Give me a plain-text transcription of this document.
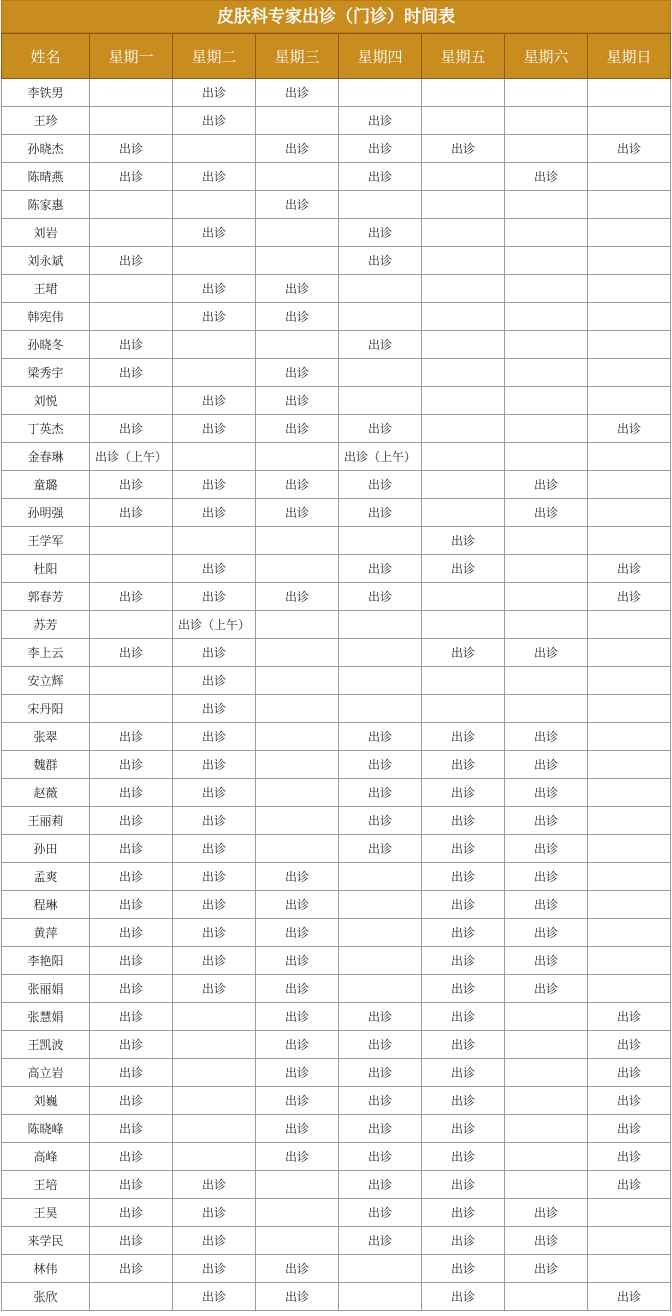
皮肤科专家出诊（门诊）时间表
姓名	星期一	星期二	星期三	星期四	星期五	星期六	星期日
李铁男		出诊	出诊				
王珍		出诊		出诊			
孙晓杰	出诊		出诊	出诊	出诊		出诊
陈晴燕	出诊	出诊		出诊		出诊	
陈家惠			出诊				
刘岩		出诊		出诊			
刘永斌	出诊			出诊			
王珺		出诊	出诊				
韩宪伟		出诊	出诊				
孙晓冬	出诊			出诊			
梁秀宇	出诊		出诊				
刘悦		出诊	出诊				
丁英杰	出诊	出诊	出诊	出诊			出诊
金春琳	出诊（上午）			出诊（上午）			
童璐	出诊	出诊	出诊	出诊		出诊	
孙明强	出诊	出诊	出诊	出诊		出诊	
王学军					出诊		
杜阳		出诊		出诊	出诊		出诊
郭春芳	出诊	出诊	出诊	出诊			出诊
苏芳		出诊（上午）					
李上云	出诊	出诊			出诊	出诊	
安立辉		出诊					
宋丹阳		出诊					
张翠	出诊	出诊		出诊	出诊	出诊	
魏群	出诊	出诊		出诊	出诊	出诊	
赵薇	出诊	出诊		出诊	出诊	出诊	
王丽莉	出诊	出诊		出诊	出诊	出诊	
孙田	出诊	出诊		出诊	出诊	出诊	
孟爽	出诊	出诊	出诊		出诊	出诊	
程琳	出诊	出诊	出诊		出诊	出诊	
黄萍	出诊	出诊	出诊		出诊	出诊	
李艳阳	出诊	出诊	出诊		出诊	出诊	
张丽娟	出诊	出诊	出诊		出诊	出诊	
张慧娟	出诊		出诊	出诊	出诊		出诊
王凯波	出诊		出诊	出诊	出诊		出诊
高立岩	出诊		出诊	出诊	出诊		出诊
刘巍	出诊		出诊	出诊	出诊		出诊
陈晓峰	出诊		出诊	出诊	出诊		出诊
高峰	出诊		出诊	出诊	出诊		出诊
王培	出诊	出诊		出诊	出诊		出诊
王昊	出诊	出诊		出诊	出诊	出诊	
来学民	出诊	出诊		出诊	出诊	出诊	
林伟	出诊	出诊	出诊		出诊	出诊	
张欣		出诊	出诊		出诊		出诊
